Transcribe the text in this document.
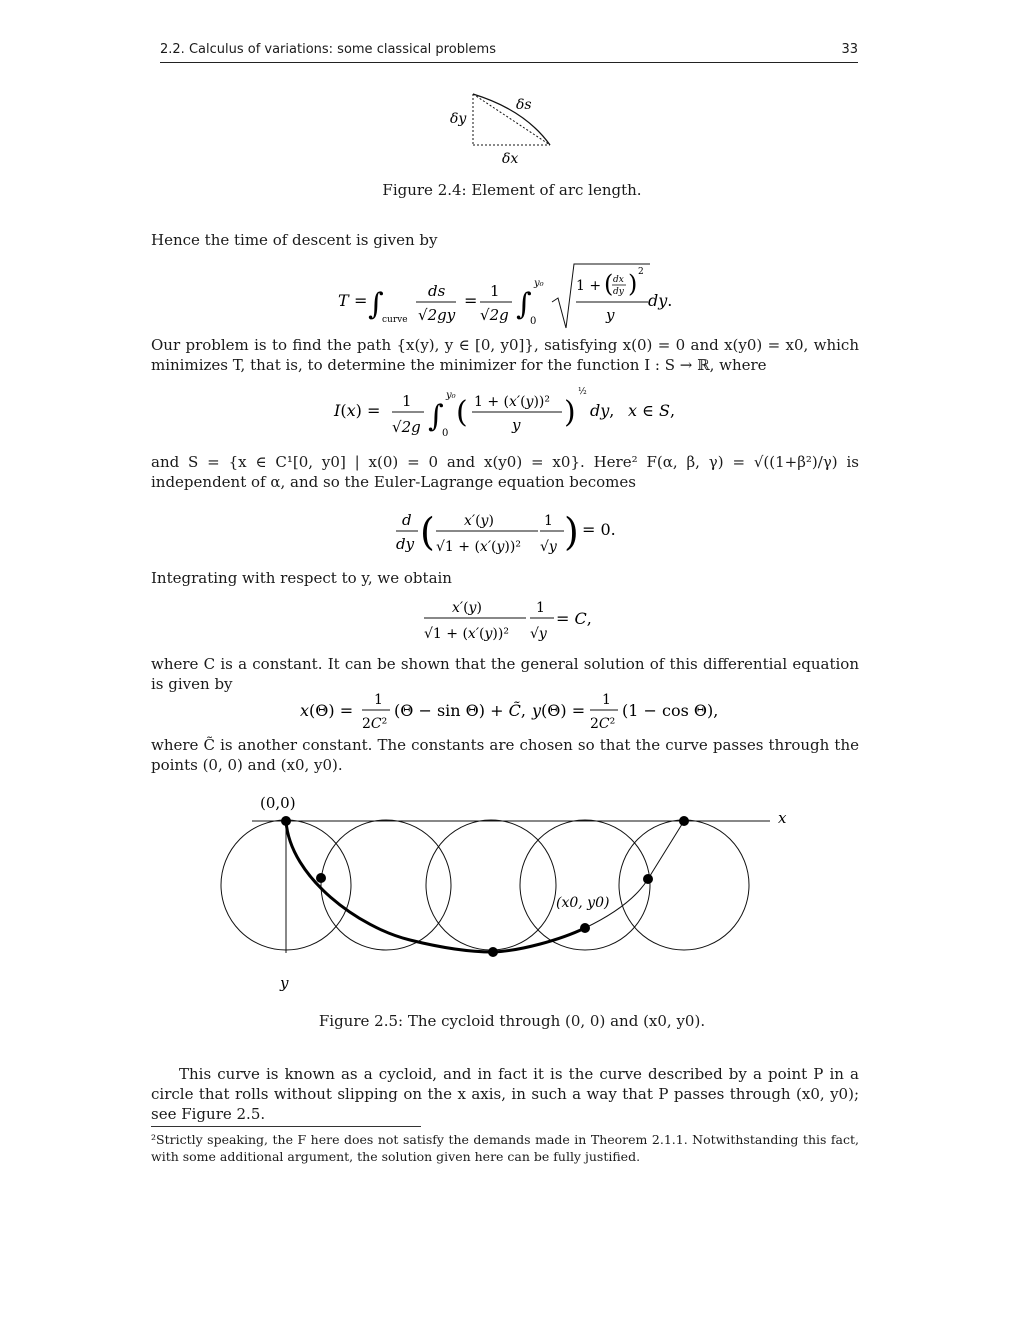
2.2. Calculus of variations: some classical problems	33
δs
δy
δx
Figure 2.4: Element of arc length.
Hence the time of descent is given by
T = ∫
curve
ds
√2gy
= 1
√2g ∫
y₀
0
1 + ( dx
dy ) 2
y
dy.
Our problem is to find the path {x(y), y ∈ [0, y0]}, satisfying x(0) = 0 and x(y0) = x0, which minimizes T, that is, to determine the minimizer for the function I : S → ℝ, where
I(x) = 1
√2g ∫
y₀
0
( 1 + (x′(y))²
y )
½
dy, x ∈ S,
and S = {x ∈ C¹[0, y0] | x(0) = 0 and x(y0) = x0}. Here² F(α, β, γ) = √((1+β²)/γ) is independent of α, and so the Euler-Lagrange equation becomes
d
dy ( x′(y)
√1 + (x′(y))²
1
√y ) = 0.
Integrating with respect to y, we obtain
x′(y)
√1 + (x′(y))²
1
√y
= C,
where C is a constant. It can be shown that the general solution of this differential equation is given by
x(Θ) =
1
2C²
(Θ − sin Θ) + C̃, y(Θ) =
1
2C²
(1 − cos Θ),
where C̃ is another constant. The constants are chosen so that the curve passes through the points (0, 0) and (x0, y0).
(0,0)
x
y
(x0, y0)
Figure 2.5: The cycloid through (0, 0) and (x0, y0).
This curve is known as a cycloid, and in fact it is the curve described by a point P in a circle that rolls without slipping on the x axis, in such a way that P passes through (x0, y0); see Figure 2.5.
²Strictly speaking, the F here does not satisfy the demands made in Theorem 2.1.1. Notwithstanding this fact, with some additional argument, the solution given here can be fully justified.
